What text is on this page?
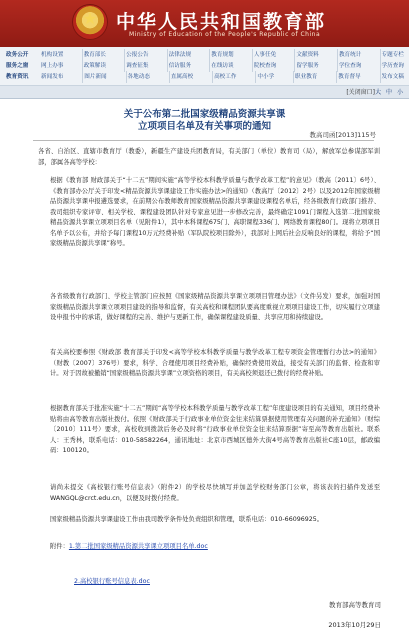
中华人民共和国教育部
Ministry of Education of the People's Republic of China
政务公开	机构设置	教育部长	公报公告	法律法规	教育规划	人事任免	文献资料	教育统计	专题专栏
服务之窗	网上办事	政策解读	调查征集	信访服务	在线访谈	院校查询	留学服务	学位查询	学历查询
教育资讯	新闻发布	图片新闻	各地动态	直属高校	高校工作	中小学	职业教育	教育督导	发布文稿
[关闭窗口] 大 中 小
关于公布第二批国家级精品资源共享课
立项项目名单及有关事项的通知
教高司函[2013]115号

各省、自治区、直辖市教育厅（教委），新疆生产建设兵团教育局，有关部门（单位）教育司（局），解放军总参谋部军训部，部属各高等学校：

根据《教育部 财政部关于“十二五”期间实施“高等学校本科教学质量与教学改革工程”的意见》（教高〔2011〕6号）、《教育部办公厅关于印发<精品资源共享课建设工作实施办法>的通知》（教高厅〔2012〕2号）以及2012年国家级精品资源共享课申报遴选要求，在前期公布教师教育国家级精品资源共享课建设课程名单后，经各级教育行政部门推荐、我司组织专家评审、相关学校、课程建设团队针对专家意见进一步修改完善，最终确定1091门课程入选第二批国家级精品资源共享课立项项目名单（见附件1），其中本科课程675门、高职课程336门、网络教育课程80门。现将立项项目名单予以公布，并给予每门课程10万元经费补贴（军队院校项目除外），我部对上网后社会反响良好的课程，将给予“国家级精品资源共享课”称号。

各省级教育行政部门、学校主管部门应按照《国家级精品资源共享课立项项目管理办法》（文件另发）要求，加强对国家级精品资源共享课立项项目建设的指导和监督，有关高校和课程团队要高度重视立项项目建设工作，切实履行立项建设申报书中的承诺，做好课程的完善、维护与更新工作，确保课程建设质量、共享应用和持续建设。

有关高校要参照《财政部 教育部关于印发<高等学校本科教学质量与教学改革工程专项资金管理暂行办法>的通知》（财教〔2007〕376号）要求，科学、合理使用项目经费补贴，确保经费使用效益，接受有关部门的监督、检查和审计。对于因故被撤销“国家级精品资源共享课”立项资格的项目，有关高校须退还已拨付的经费补贴。

根据教育部关于批准实施“十二五”期间“高等学校本科教学质量与教学改革工程”年度建设项目的有关通知，项目经费补贴将由高等教育出版社拨付。依照《财政部关于行政事业单位资金往来结算票据使用管理有关问题的补充通知》（财综〔2010〕111号）要求，高校收到拨款后务必及时将“行政事业单位资金往来结算票据”寄至高等教育出版社。联系人：王秀林，联系电话：010-58582264，通讯地址：北京市西城区德外大街4号高等教育出版社C座10层，邮政编码：100120。

请尚未提交《高校银行账号信息表》（附件2）的学校尽快填写并加盖学校财务部门公章，将该表的扫描件发送至WANGQL@crct.edu.cn，以便及时拨付经费。

国家级精品资源共享课建设工作由我司教学条件处负责组织和管理，联系电话：010-66096925。

附件：1.第二批国家级精品资源共享课立项项目名单.doc
2.高校银行账号信息表.doc
教育部高等教育司
2013年10月29日
